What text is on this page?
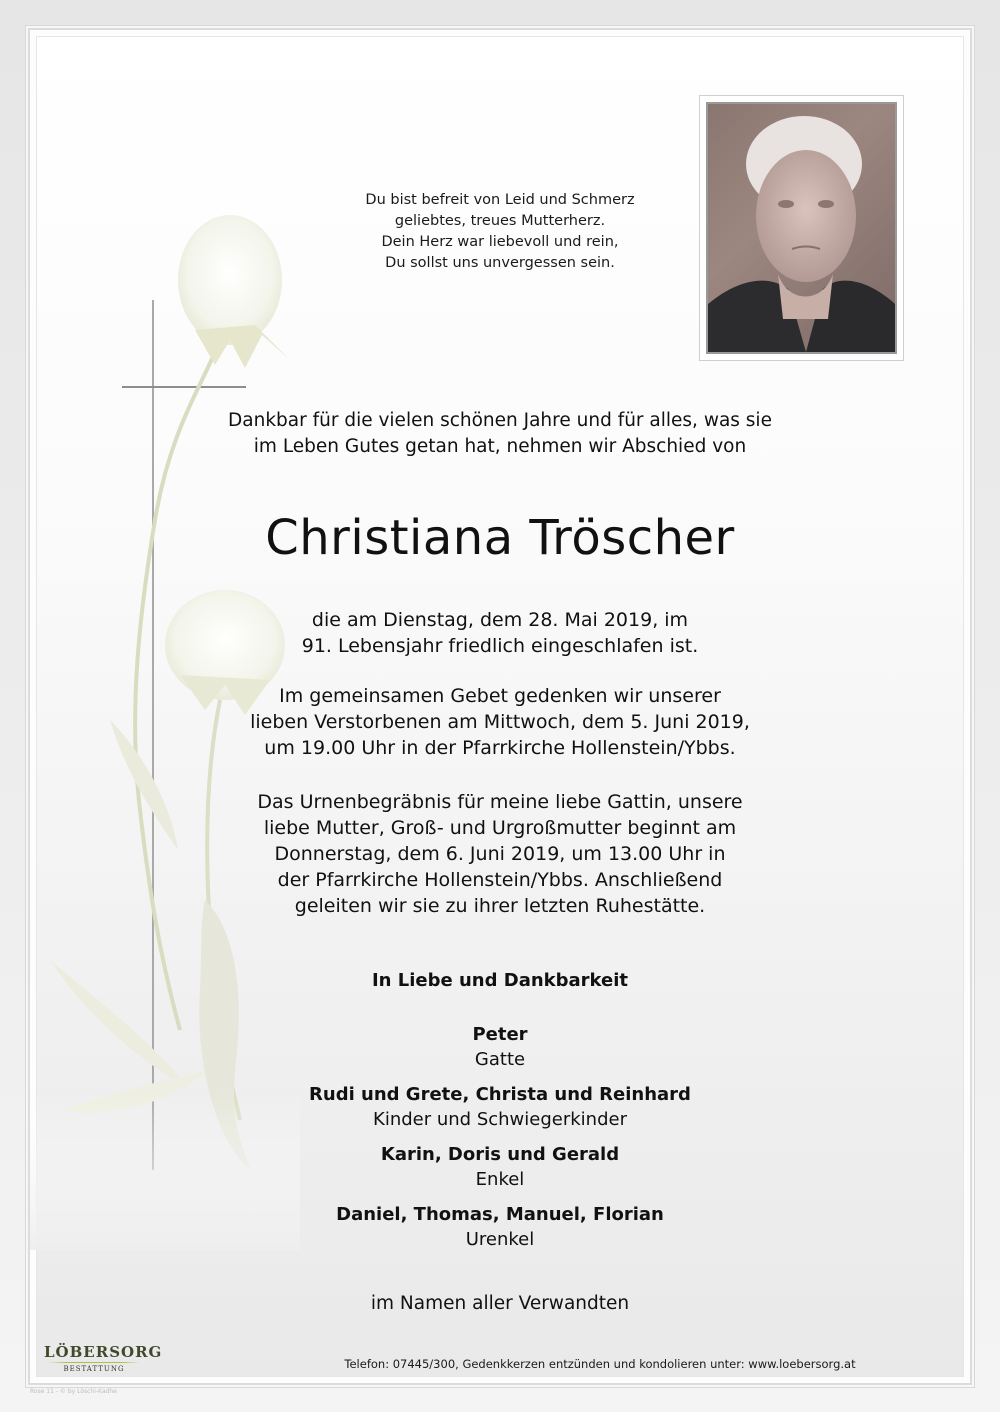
Du bist befreit von Leid und Schmerz
geliebtes, treues Mutterherz.
Dein Herz war liebevoll und rein,
Du sollst uns unvergessen sein.
Dankbar für die vielen schönen Jahre und für alles, was sie
im Leben Gutes getan hat, nehmen wir Abschied von
Christiana Tröscher
die am Dienstag, dem 28. Mai 2019, im
91. Lebensjahr friedlich eingeschlafen ist.
Im gemeinsamen Gebet gedenken wir unserer
lieben Verstorbenen am Mittwoch, dem 5. Juni 2019,
um 19.00 Uhr in der Pfarrkirche Hollenstein/Ybbs.
Das Urnenbegräbnis für meine liebe Gattin, unsere
liebe Mutter, Groß- und Urgroßmutter beginnt am
Donnerstag, dem 6. Juni 2019, um 13.00 Uhr in
der Pfarrkirche Hollenstein/Ybbs. Anschließend
geleiten wir sie zu ihrer letzten Ruhestätte.
In Liebe und Dankbarkeit
Peter
Gatte
Rudi und Grete, Christa und Reinhard
Kinder und Schwiegerkinder
Karin, Doris und Gerald
Enkel
Daniel, Thomas, Manuel, Florian
Urenkel
im Namen aller Verwandten
LÖBERSORG
BESTATTUNG	Telefon: 07445/300, Gedenkkerzen entzünden und kondolieren unter: www.loebersorg.at
Rose 11 - © by Löschi-Kadhe
